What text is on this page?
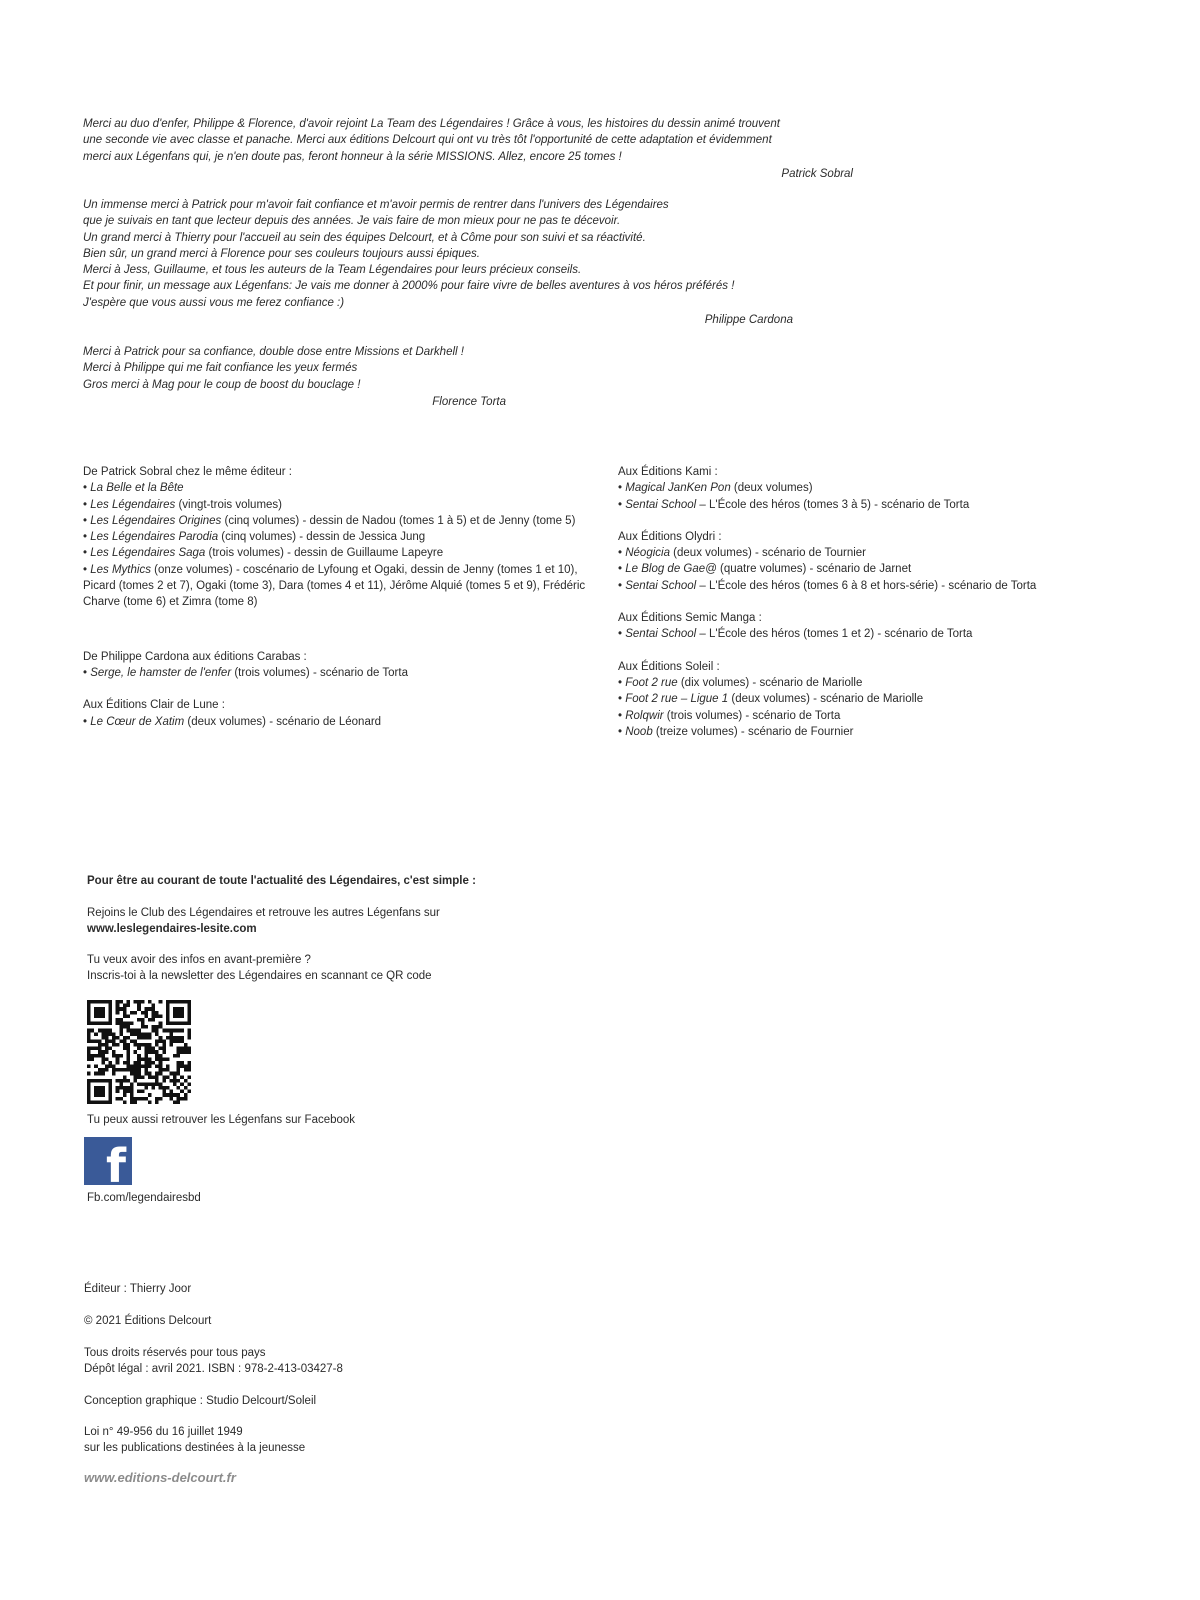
Merci au duo d'enfer, Philippe & Florence, d'avoir rejoint La Team des Légendaires ! Grâce à vous, les histoires du dessin animé trouvent

une seconde vie avec classe et panache. Merci aux éditions Delcourt qui ont vu très tôt l'opportunité de cette adaptation et évidemment

merci aux Légenfans qui, je n'en doute pas, feront honneur à la série MISSIONS. Allez, encore 25 tomes !

Patrick Sobral

Un immense merci à Patrick pour m'avoir fait confiance et m'avoir permis de rentrer dans l'univers des Légendaires

que je suivais en tant que lecteur depuis des années. Je vais faire de mon mieux pour ne pas te décevoir.

Un grand merci à Thierry pour l'accueil au sein des équipes Delcourt, et à Côme pour son suivi et sa réactivité.

Bien sûr, un grand merci à Florence pour ses couleurs toujours aussi épiques.

Merci à Jess, Guillaume, et tous les auteurs de la Team Légendaires pour leurs précieux conseils.

Et pour finir, un message aux Légenfans: Je vais me donner à 2000% pour faire vivre de belles aventures à vos héros préférés !

J'espère que vous aussi vous me ferez confiance :)

Philippe Cardona

Merci à Patrick pour sa confiance, double dose entre Missions et Darkhell !

Merci à Philippe qui me fait confiance les yeux fermés

Gros merci à Mag pour le coup de boost du bouclage !

Florence Torta

De Patrick Sobral chez le même éditeur :

• La Belle et la Bête

• Les Légendaires (vingt-trois volumes)

• Les Légendaires Origines (cinq volumes) - dessin de Nadou (tomes 1 à 5) et de Jenny (tome 5)

• Les Légendaires Parodia (cinq volumes) - dessin de Jessica Jung

• Les Légendaires Saga (trois volumes) - dessin de Guillaume Lapeyre

• Les Mythics (onze volumes) - coscénario de Lyfoung et Ogaki, dessin de Jenny (tomes 1 et 10), Picard (tomes 2 et 7), Ogaki (tome 3), Dara (tomes 4 et 11), Jérôme Alquié (tomes 5 et 9), Frédéric Charve (tome 6) et Zimra (tome 8)

De Philippe Cardona aux éditions Carabas :

• Serge, le hamster de l'enfer (trois volumes) - scénario de Torta

Aux Éditions Clair de Lune :

• Le Cœur de Xatim (deux volumes) - scénario de Léonard

Aux Éditions Kami :

• Magical JanKen Pon (deux volumes)

• Sentai School – L'École des héros (tomes 3 à 5) - scénario de Torta

Aux Éditions Olydri :

• Néogicia (deux volumes) - scénario de Tournier

• Le Blog de Gae@ (quatre volumes) - scénario de Jarnet

• Sentai School – L'École des héros (tomes 6 à 8 et hors-série) - scénario de Torta

Aux Éditions Semic Manga :

• Sentai School – L'École des héros (tomes 1 et 2) - scénario de Torta

Aux Éditions Soleil :

• Foot 2 rue (dix volumes) - scénario de Mariolle

• Foot 2 rue – Ligue 1 (deux volumes) - scénario de Mariolle

• Rolqwir (trois volumes) - scénario de Torta

• Noob (treize volumes) - scénario de Fournier

Pour être au courant de toute l'actualité des Légendaires, c'est simple :

Rejoins le Club des Légendaires et retrouve les autres Légenfans sur

www.leslegendaires-lesite.com

Tu veux avoir des infos en avant-première ?

Inscris-toi à la newsletter des Légendaires en scannant ce QR code

Tu peux aussi retrouver les Légenfans sur Facebook

f

Fb.com/legendairesbd

Éditeur : Thierry Joor

© 2021 Éditions Delcourt

Tous droits réservés pour tous pays

Dépôt légal : avril 2021. ISBN : 978-2-413-03427-8

Conception graphique : Studio Delcourt/Soleil

Loi n° 49-956 du 16 juillet 1949

sur les publications destinées à la jeunesse

www.editions-delcourt.fr
